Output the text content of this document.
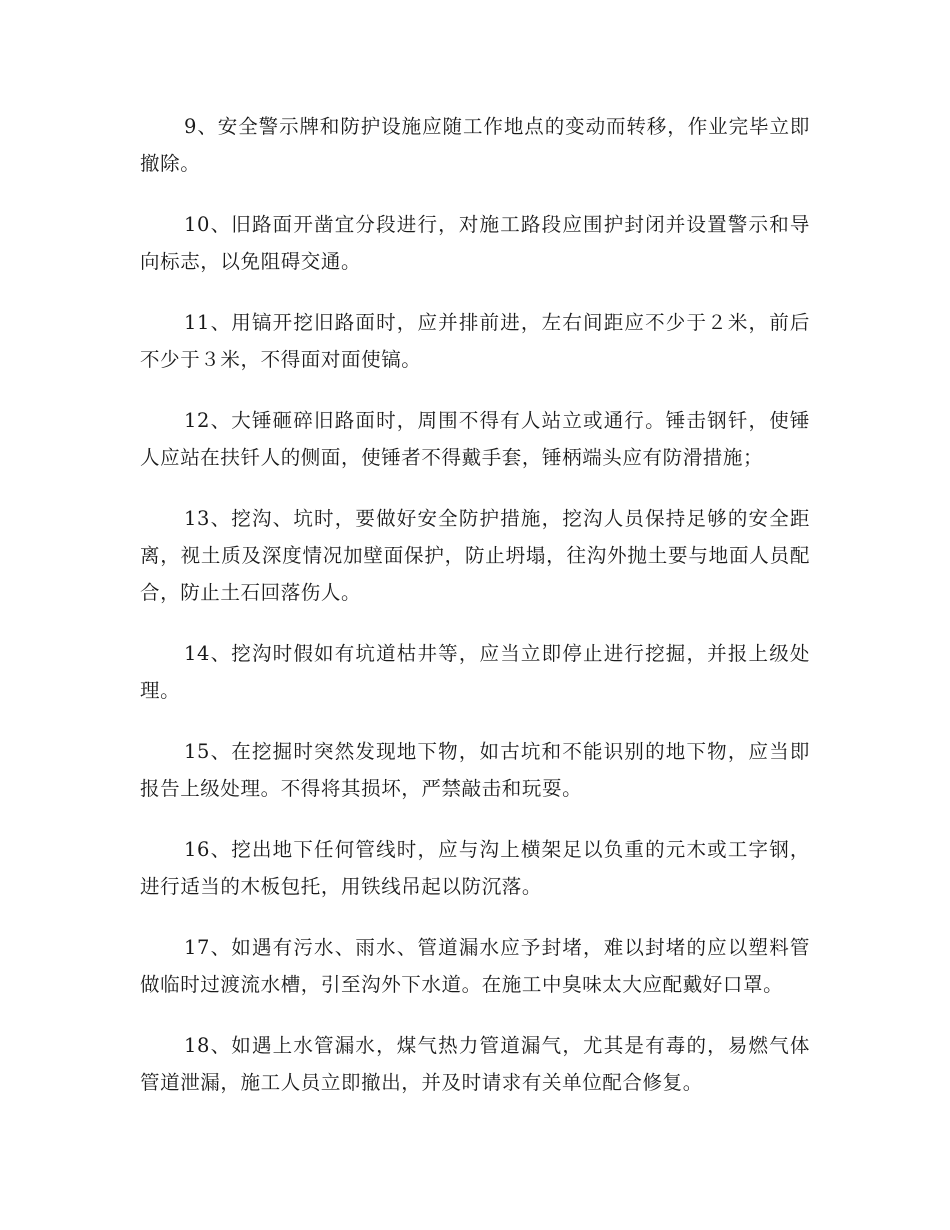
9、安全警示牌和防护设施应随工作地点的变动而转移，作业完毕立即撤除。

10、旧路面开凿宜分段进行，对施工路段应围护封闭并设置警示和导向标志，以免阻碍交通。

11、用镐开挖旧路面时，应并排前进，左右间距应不少于２米，前后不少于３米，不得面对面使镐。

12、大锤砸碎旧路面时，周围不得有人站立或通行。锤击钢钎，使锤人应站在扶钎人的侧面，使锤者不得戴手套，锤柄端头应有防滑措施；

13、挖沟、坑时，要做好安全防护措施，挖沟人员保持足够的安全距离，视土质及深度情况加壁面保护，防止坍塌，往沟外抛土要与地面人员配合，防止土石回落伤人。

14、挖沟时假如有坑道枯井等，应当立即停止进行挖掘，并报上级处理。

15、在挖掘时突然发现地下物，如古坑和不能识别的地下物，应当即报告上级处理。不得将其损坏，严禁敲击和玩耍。

16、挖出地下任何管线时，应与沟上横架足以负重的元木或工字钢，进行适当的木板包托，用铁线吊起以防沉落。

17、如遇有污水、雨水、管道漏水应予封堵，难以封堵的应以塑料管做临时过渡流水槽，引至沟外下水道。在施工中臭味太大应配戴好口罩。

18、如遇上水管漏水，煤气热力管道漏气，尤其是有毒的，易燃气体管道泄漏，施工人员立即撤出，并及时请求有关单位配合修复。
